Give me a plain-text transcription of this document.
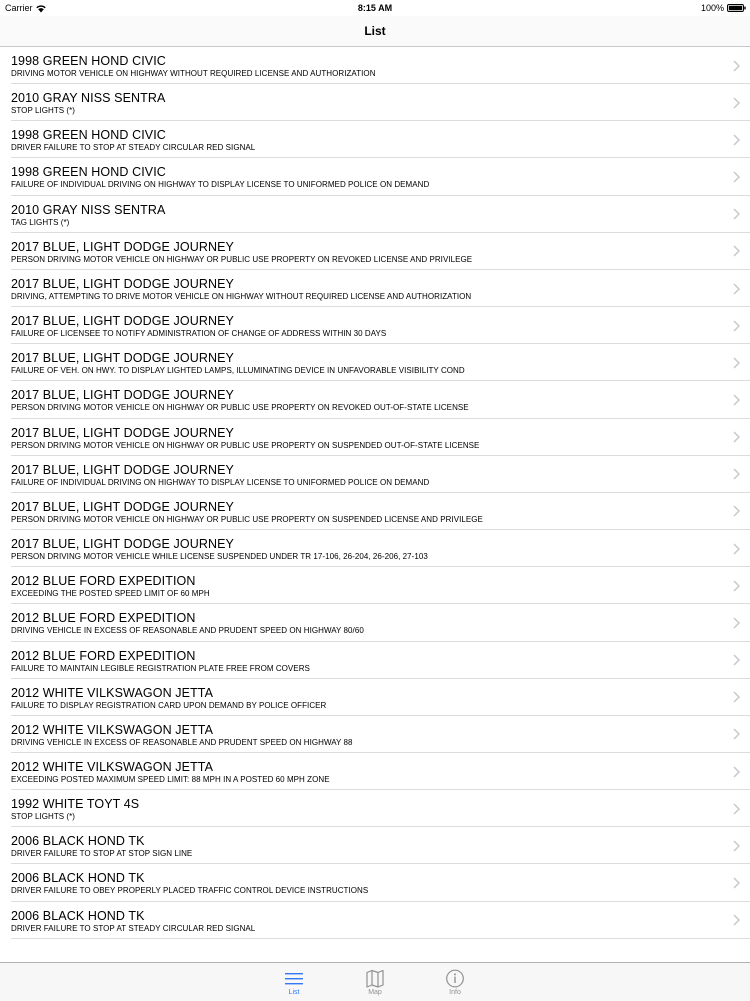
Carrier	8:15 AM	100%
List
1998 GREEN HOND CIVIC
DRIVING MOTOR VEHICLE ON HIGHWAY WITHOUT REQUIRED LICENSE AND AUTHORIZATION
2010 GRAY NISS SENTRA
STOP LIGHTS (*)
1998 GREEN HOND CIVIC
DRIVER FAILURE TO STOP AT STEADY CIRCULAR RED SIGNAL
1998 GREEN HOND CIVIC
FAILURE OF INDIVIDUAL DRIVING ON HIGHWAY TO DISPLAY LICENSE TO UNIFORMED POLICE ON DEMAND
2010 GRAY NISS SENTRA
TAG LIGHTS (*)
2017 BLUE, LIGHT DODGE JOURNEY
PERSON DRIVING MOTOR VEHICLE ON HIGHWAY OR PUBLIC USE PROPERTY ON REVOKED LICENSE AND PRIVILEGE
2017 BLUE, LIGHT DODGE JOURNEY
DRIVING, ATTEMPTING TO DRIVE MOTOR VEHICLE ON HIGHWAY WITHOUT REQUIRED LICENSE AND AUTHORIZATION
2017 BLUE, LIGHT DODGE JOURNEY
FAILURE OF LICENSEE TO NOTIFY ADMINISTRATION OF CHANGE OF ADDRESS WITHIN 30 DAYS
2017 BLUE, LIGHT DODGE JOURNEY
FAILURE OF VEH. ON HWY. TO DISPLAY LIGHTED LAMPS, ILLUMINATING DEVICE IN UNFAVORABLE VISIBILITY COND
2017 BLUE, LIGHT DODGE JOURNEY
PERSON DRIVING MOTOR VEHICLE ON HIGHWAY OR PUBLIC USE PROPERTY ON REVOKED OUT-OF-STATE LICENSE
2017 BLUE, LIGHT DODGE JOURNEY
PERSON DRIVING MOTOR VEHICLE ON HIGHWAY OR PUBLIC USE PROPERTY ON SUSPENDED OUT-OF-STATE LICENSE
2017 BLUE, LIGHT DODGE JOURNEY
FAILURE OF INDIVIDUAL DRIVING ON HIGHWAY TO DISPLAY LICENSE TO UNIFORMED POLICE ON DEMAND
2017 BLUE, LIGHT DODGE JOURNEY
PERSON DRIVING MOTOR VEHICLE ON HIGHWAY OR PUBLIC USE PROPERTY ON SUSPENDED LICENSE AND PRIVILEGE
2017 BLUE, LIGHT DODGE JOURNEY
PERSON DRIVING MOTOR VEHICLE WHILE LICENSE SUSPENDED UNDER TR 17-106, 26-204, 26-206, 27-103
2012 BLUE FORD EXPEDITION
EXCEEDING THE POSTED SPEED LIMIT OF 60 MPH
2012 BLUE FORD EXPEDITION
DRIVING VEHICLE IN EXCESS OF REASONABLE AND PRUDENT SPEED ON HIGHWAY 80/60
2012 BLUE FORD EXPEDITION
FAILURE TO MAINTAIN LEGIBLE REGISTRATION PLATE FREE FROM COVERS
2012 WHITE VILKSWAGON JETTA
FAILURE TO DISPLAY REGISTRATION CARD UPON DEMAND BY POLICE OFFICER
2012 WHITE VILKSWAGON JETTA
DRIVING VEHICLE IN EXCESS OF REASONABLE AND PRUDENT SPEED ON HIGHWAY 88
2012 WHITE VILKSWAGON JETTA
EXCEEDING POSTED MAXIMUM SPEED LIMIT: 88 MPH IN A POSTED 60 MPH ZONE
1992 WHITE TOYT 4S
STOP LIGHTS (*)
2006 BLACK HOND TK
DRIVER FAILURE TO STOP AT STOP SIGN LINE
2006 BLACK HOND TK
DRIVER FAILURE TO OBEY PROPERLY PLACED TRAFFIC CONTROL DEVICE INSTRUCTIONS
2006 BLACK HOND TK
DRIVER FAILURE TO STOP AT STEADY CIRCULAR RED SIGNAL
List	Map	Info
